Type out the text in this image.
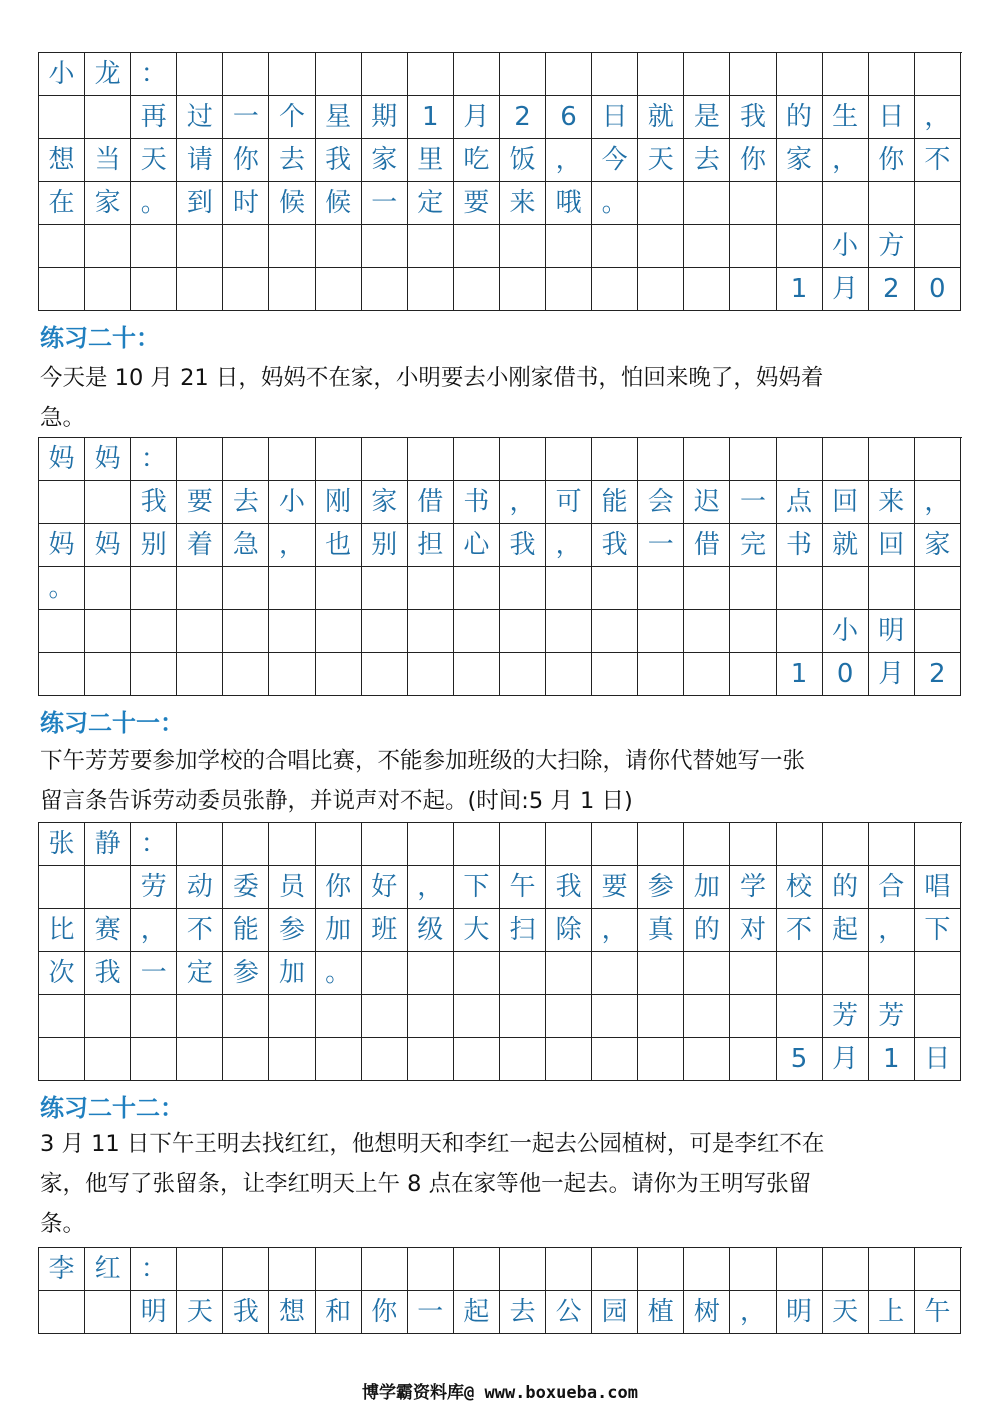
小 龙 ：
再 过 一 个 星 期 1 月 2	6 日 就 是 我 的 生 日 ，
想 当 天 请 你 去 我 家 里 吃 饭 ， 今 天 去 你 家 ， 你 不
在 家 。 到 时 候 候 一 定 要 来 哦 。
小 方
1 月 2	0
练习二十：

今天是 10 月 21 日，妈妈不在家，小明要去小刚家借书，怕回来晚了，妈妈着

急。

妈 妈 ：
我 要 去 小 刚 家 借 书 ， 可 能 会 迟 一 点 回 来 ，
妈 妈 别 着 急 ， 也 别 担 心 我 ， 我 一 借 完 书 就 回 家
。
小 明
1	0 月 2
练习二十一：

下午芳芳要参加学校的合唱比赛，不能参加班级的大扫除，请你代替她写一张

留言条告诉劳动委员张静，并说声对不起。(时间:5 月 1 日)

张 静 ：
劳 动 委 员 你 好 ， 下 午 我 要 参 加 学 校 的 合 唱
比 赛 ， 不 能 参 加 班 级 大 扫 除 ， 真 的 对 不 起 ， 下
次 我 一 定 参 加 。
芳 芳
5 月 1 日
练习二十二：

3 月 11 日下午王明去找红红，他想明天和李红一起去公园植树，可是李红不在

家，他写了张留条，让李红明天上午 8 点在家等他一起去。请你为王明写张留

条。

李 红 ：
明 天 我 想 和 你 一 起 去 公 园 植 树 ， 明 天 上 午
博学霸资料库@ www.boxueba.com
